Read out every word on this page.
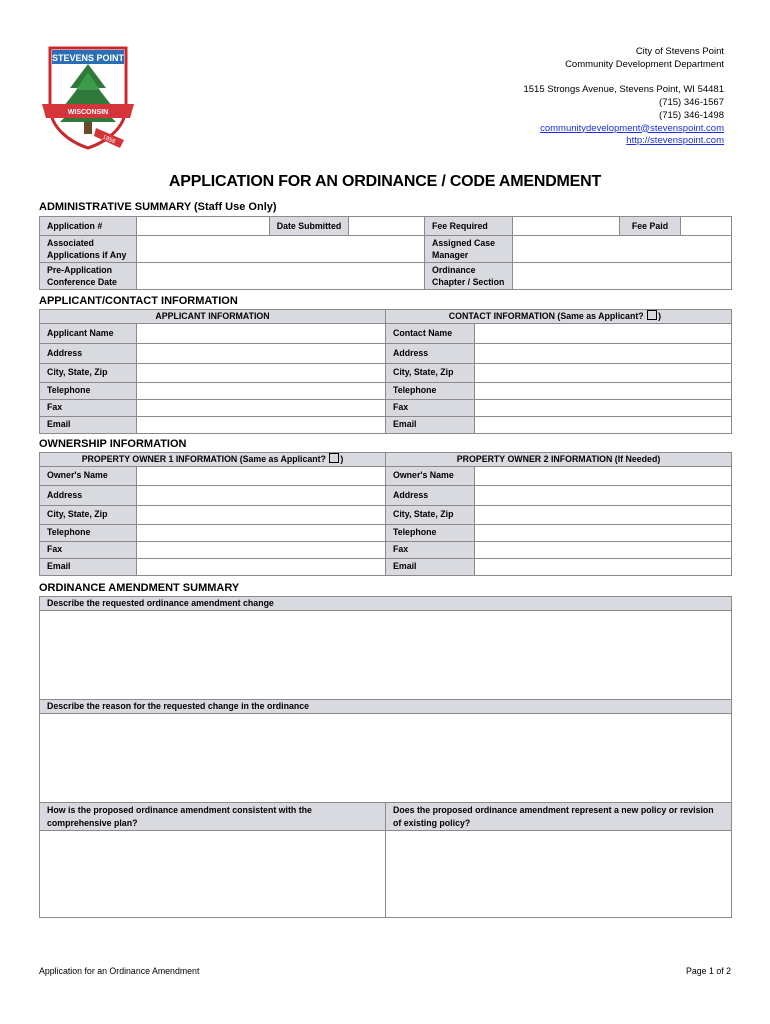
STEVENS POINT
WISCONSIN
1858
City of Stevens Point
Community Development Department
1515 Strongs Avenue, Stevens Point, WI 54481
(715) 346-1567
(715) 346-1498
communitydevelopment@stevenspoint.com
http://stevenspoint.com
APPLICATION FOR AN ORDINANCE / CODE AMENDMENT
ADMINISTRATIVE SUMMARY (Staff Use Only)
Application #		Date Submitted		Fee Required		Fee Paid	
Associated Applications if Any				Assigned Case Manager			
Pre-Application Conference Date				Ordinance Chapter / Section			
APPLICANT/CONTACT INFORMATION
APPLICANT INFORMATION		CONTACT INFORMATION (Same as Applicant? )	
Applicant Name		Contact Name	
Address		Address	
City, State, Zip		City, State, Zip	
Telephone		Telephone	
Fax		Fax	
Email		Email	
OWNERSHIP INFORMATION
PROPERTY OWNER 1 INFORMATION (Same as Applicant? )		PROPERTY OWNER 2 INFORMATION (If Needed)	
Owner's Name		Owner's Name	
Address		Address	
City, State, Zip		City, State, Zip	
Telephone		Telephone	
Fax		Fax	
Email		Email	
ORDINANCE AMENDMENT SUMMARY
Describe the requested ordinance amendment change	

Describe the reason for the requested change in the ordinance	

How is the proposed ordinance amendment consistent with the comprehensive plan?	Does the proposed ordinance amendment represent a new policy or revision of existing policy?

Application for an Ordinance Amendment	Page 1 of 2
